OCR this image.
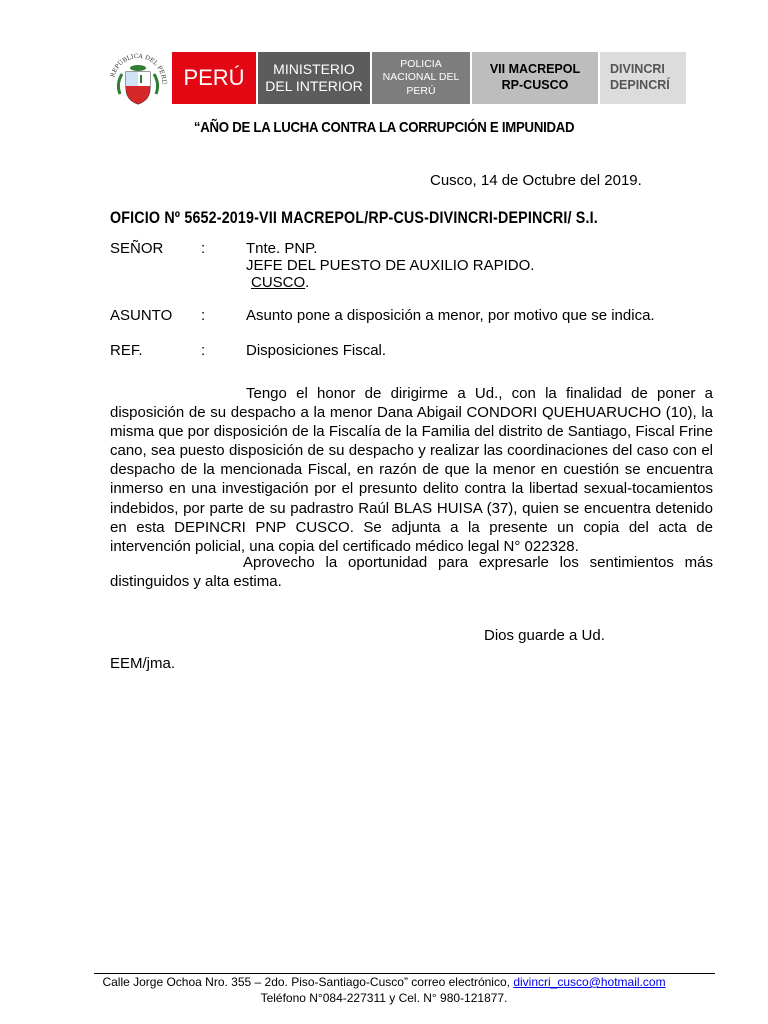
REPÚBLICA DEL PERÚ PERÚ MINISTERIO
DEL INTERIOR
POLICIA
NACIONAL DEL
PERÚ
VII MACREPOL
RP-CUSCO
DIVINCRI
DEPINCRÍ
“AÑO DE LA LUCHA CONTRA LA CORRUPCIÓN E IMPUNIDAD
Cusco, 14 de Octubre del 2019.
OFICIO Nº 5652-2019-VII MACREPOL/RP-CUS-DIVINCRI-DEPINCRI/ S.I.
SEÑOR	:	Tnte. PNP.
JEFE DEL PUESTO DE AUXILIO RAPIDO.
CUSCO.
ASUNTO :	Asunto pone a disposición a menor, por motivo que se indica.
REF.	:	Disposiciones Fiscal.
Tengo el honor de dirigirme a Ud., con la finalidad de poner a disposición de su despacho a la menor Dana Abigail CONDORI QUEHUARUCHO (10), la misma que por disposición de la Fiscalía de la Familia del distrito de Santiago, Fiscal Frine cano, sea puesto disposición de su despacho y realizar las coordinaciones del caso con el despacho de la mencionada Fiscal, en razón de que la menor en cuestión se encuentra inmerso en una investigación por el presunto delito contra la libertad sexual-tocamientos indebidos, por parte de su padrastro Raúl BLAS HUISA (37), quien se encuentra detenido en esta DEPINCRI PNP CUSCO. Se adjunta a la presente un copia del acta de intervención policial, una copia del certificado médico legal N° 022328.
Aprovecho la oportunidad para expresarle los sentimientos más distinguidos y alta estima.
Dios guarde a Ud.
EEM/jma.
Calle Jorge Ochoa Nro. 355 – 2do. Piso-Santiago-Cusco” correo electrónico, divincri_cusco@hotmail.com
Teléfono N°084-227311 y Cel. N° 980-121877.
